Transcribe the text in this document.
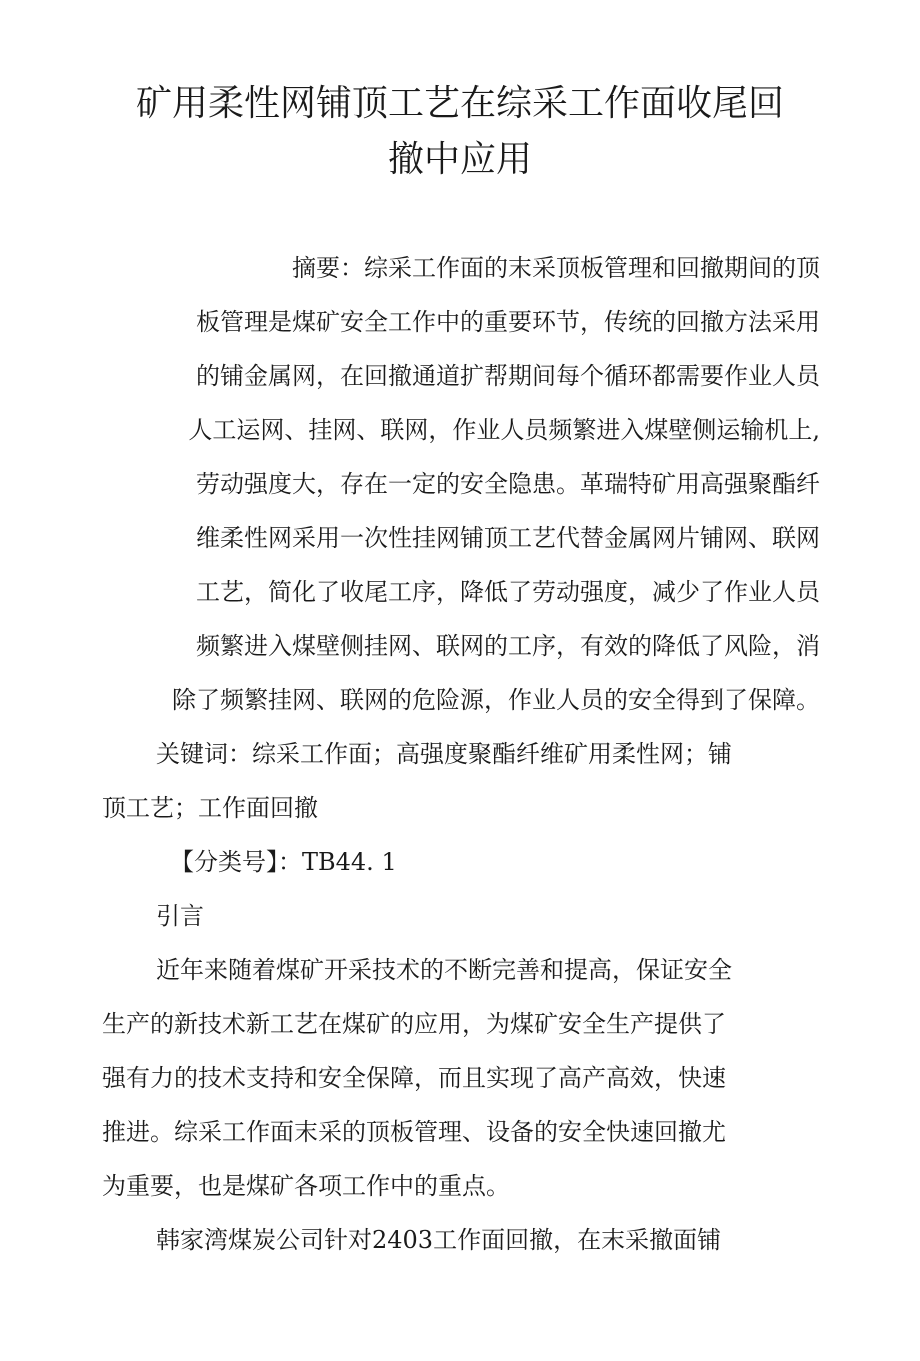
矿用柔性网铺顶工艺在综采工作面收尾回
撤中应用
摘要：综采工作面的末采顶板管理和回撤期间的顶
板管理是煤矿安全工作中的重要环节，传统的回撤方法采用
的铺金属网，在回撤通道扩帮期间每个循环都需要作业人员
人工运网、挂网、联网，作业人员频繁进入煤壁侧运输机上,
劳动强度大，存在一定的安全隐患。革瑞特矿用高强聚酯纤
维柔性网采用一次性挂网铺顶工艺代替金属网片铺网、联网
工艺，简化了收尾工序，降低了劳动强度，减少了作业人员
频繁进入煤壁侧挂网、联网的工序，有效的降低了风险，消
除了频繁挂网、联网的危险源，作业人员的安全得到了保障。
关键词：综采工作面；高强度聚酯纤维矿用柔性网；铺
顶工艺；工作面回撤
【分类号】：TB44. 1
引言
近年来随着煤矿开采技术的不断完善和提高，保证安全
生产的新技术新工艺在煤矿的应用，为煤矿安全生产提供了
强有力的技术支持和安全保障，而且实现了高产高效，快速
推进。综采工作面末采的顶板管理、设备的安全快速回撤尤
为重要，也是煤矿各项工作中的重点。
韩家湾煤炭公司针对2403工作面回撤，在末采撤面铺
